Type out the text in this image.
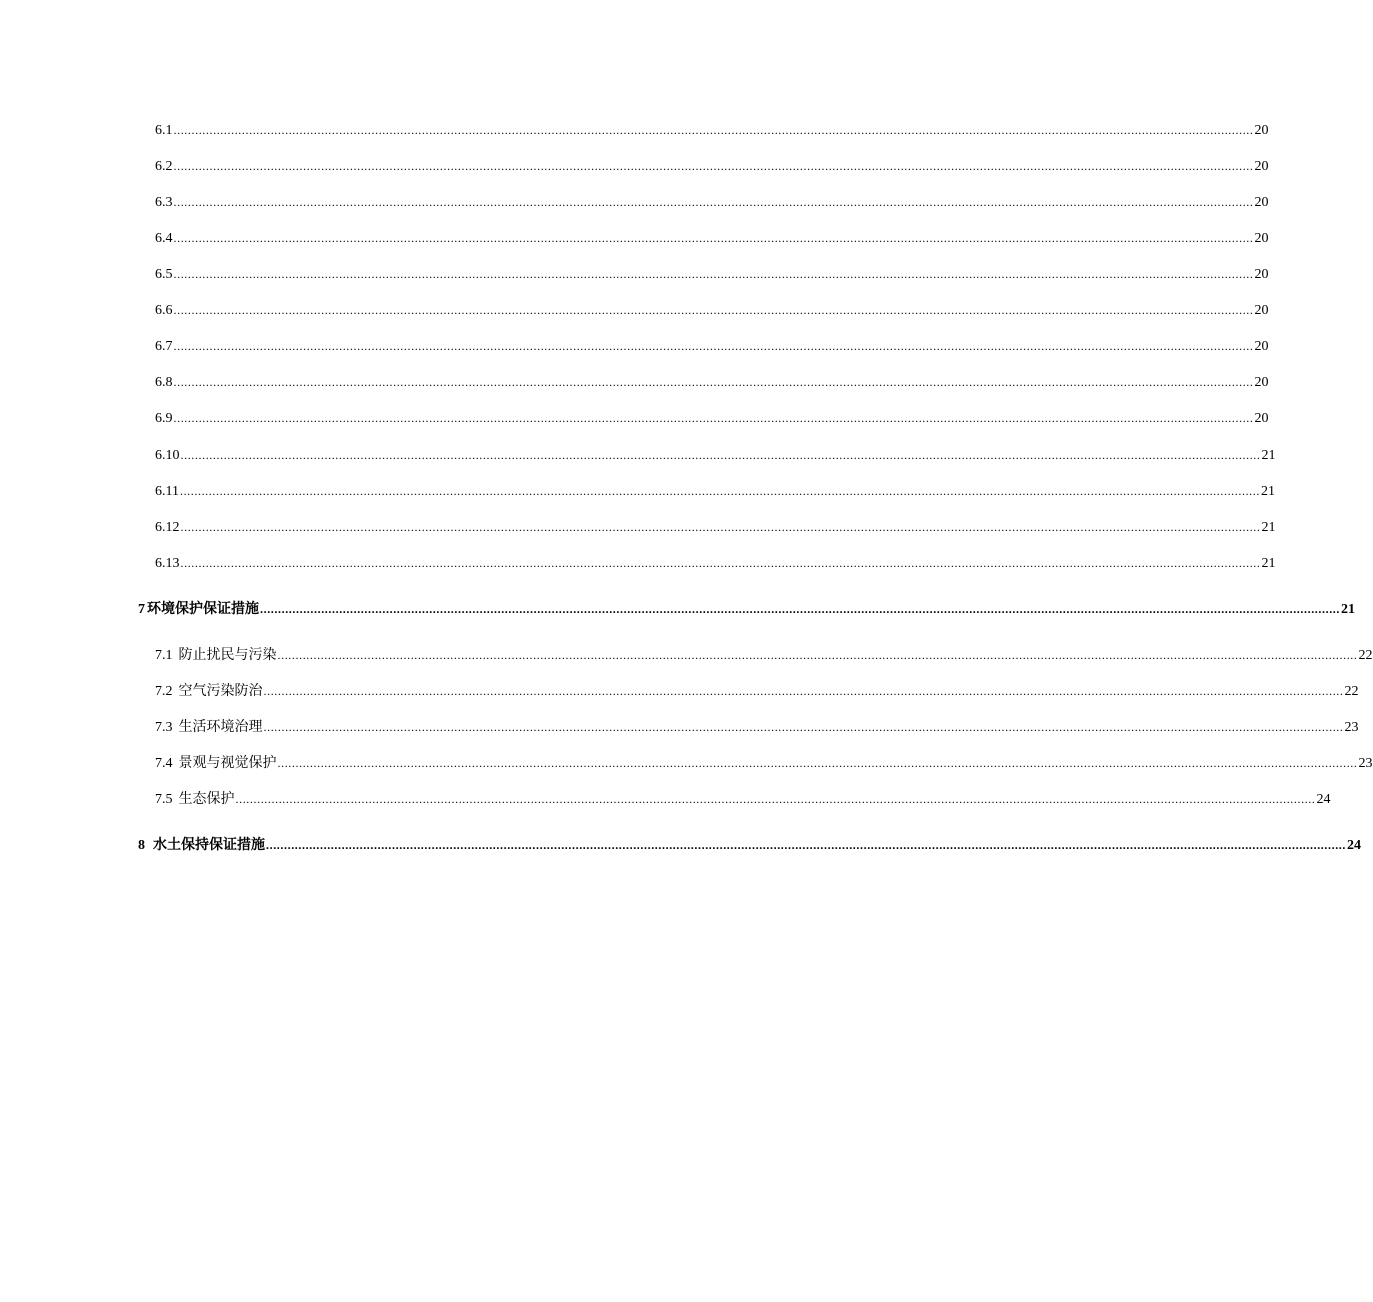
6.1 ............................................................................................................................................................................................................................................................................................................ 20
6.2 ............................................................................................................................................................................................................................................................................................................ 20
6.3 ............................................................................................................................................................................................................................................................................................................ 20
6.4 ............................................................................................................................................................................................................................................................................................................ 20
6.5 ............................................................................................................................................................................................................................................................................................................ 20
6.6 ............................................................................................................................................................................................................................................................................................................ 20
6.7 ............................................................................................................................................................................................................................................................................................................ 20
6.8 ............................................................................................................................................................................................................................................................................................................ 20
6.9 ............................................................................................................................................................................................................................................................................................................ 20
6.10 ............................................................................................................................................................................................................................................................................................................ 21
6.11 ............................................................................................................................................................................................................................................................................................................ 21
6.12 ............................................................................................................................................................................................................................................................................................................ 21
6.13 ............................................................................................................................................................................................................................................................................................................ 21
7 环境保护保证措施 ............................................................................................................................................................................................................................................................................................................ 21
7.1 防止扰民与污染 ............................................................................................................................................................................................................................................................................................................ 22
7.2 空气污染防治 ............................................................................................................................................................................................................................................................................................................ 22
7.3 生活环境治理 ............................................................................................................................................................................................................................................................................................................ 23
7.4 景观与视觉保护 ............................................................................................................................................................................................................................................................................................................ 23
7.5 生态保护 ............................................................................................................................................................................................................................................................................................................ 24
8 水土保持保证措施 ............................................................................................................................................................................................................................................................................................................ 24
